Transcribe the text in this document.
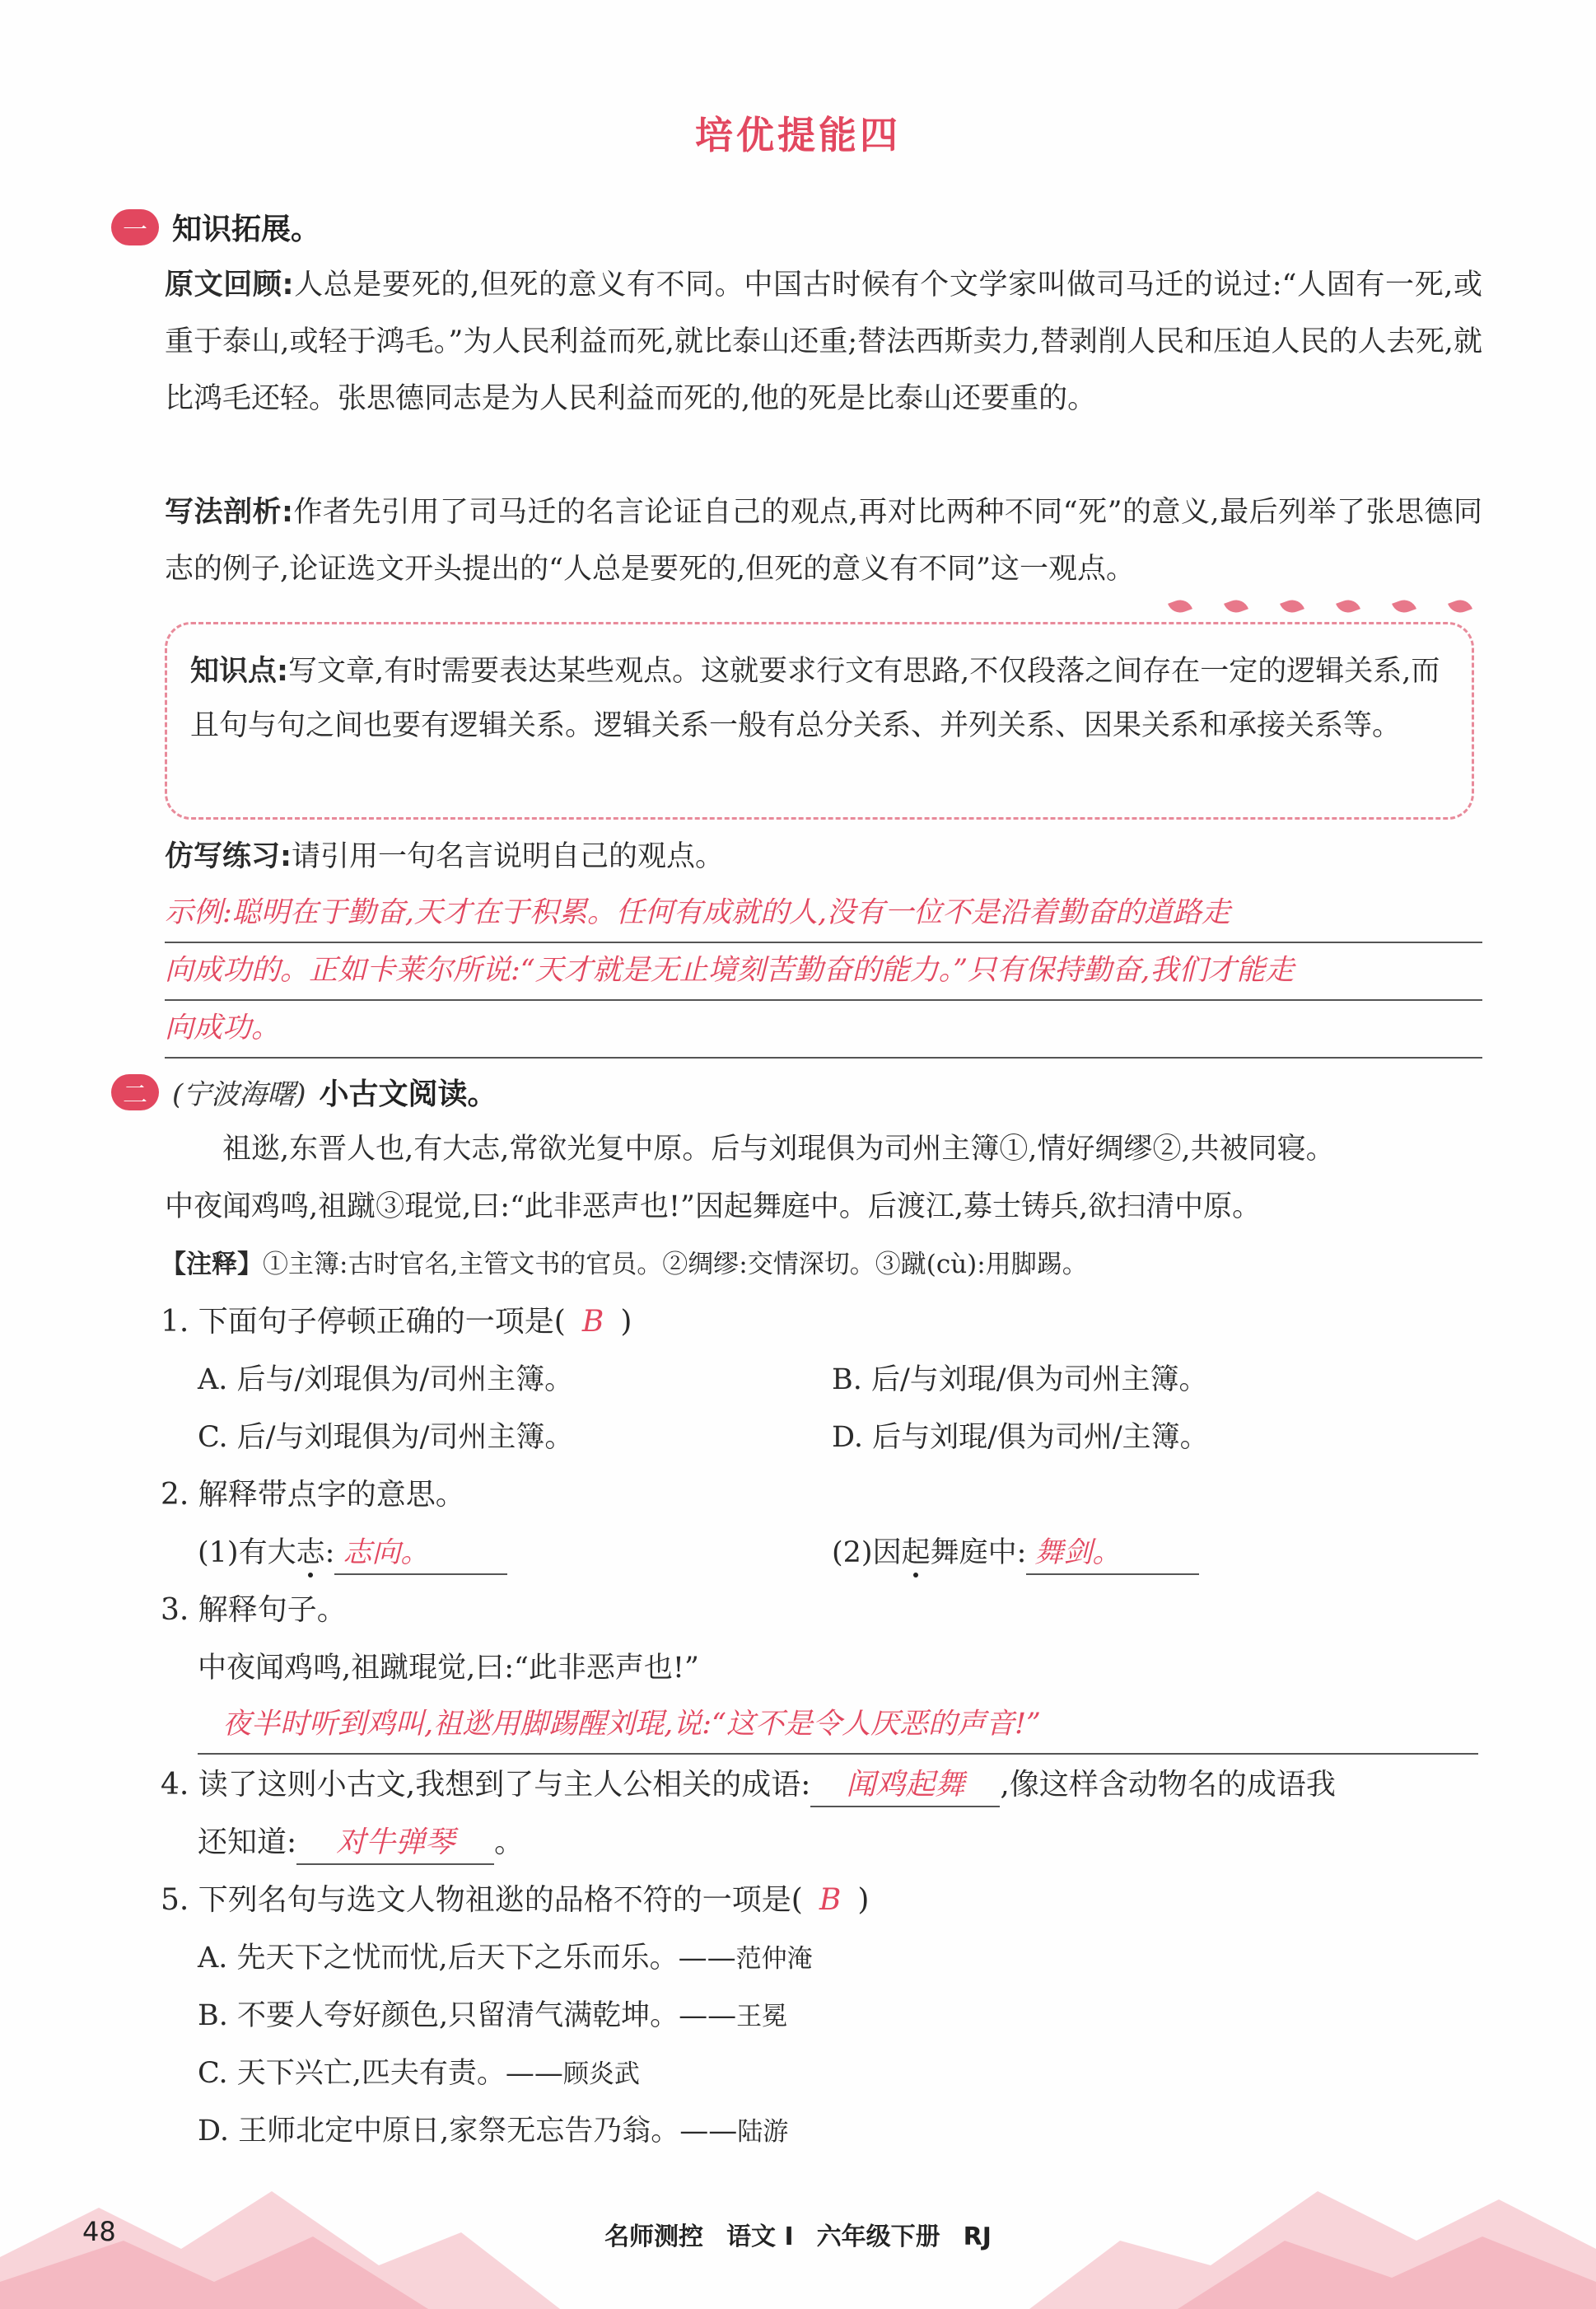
培优提能四
一 知识拓展。
原文回顾:人总是要死的,但死的意义有不同。中国古时候有个文学家叫做司马迁的说过:“人固有一死,或重于泰山,或轻于鸿毛。”为人民利益而死,就比泰山还重;替法西斯卖力,替剥削人民和压迫人民的人去死,就比鸿毛还轻。张思德同志是为人民利益而死的,他的死是比泰山还要重的。
写法剖析:作者先引用了司马迁的名言论证自己的观点,再对比两种不同“死”的意义,最后列举了张思德同志的例子,论证选文开头提出的“人总是要死的,但死的意义有不同”这一观点。
知识点:写文章,有时需要表达某些观点。这就要求行文有思路,不仅段落之间存在一定的逻辑关系,而且句与句之间也要有逻辑关系。逻辑关系一般有总分关系、并列关系、因果关系和承接关系等。
仿写练习:请引用一句名言说明自己的观点。
示例:聪明在于勤奋,天才在于积累。任何有成就的人,没有一位不是沿着勤奋的道路走
向成功的。正如卡莱尔所说:“天才就是无止境刻苦勤奋的能力。”只有保持勤奋,我们才能走
向成功。
二 (宁波海曙) 小古文阅读。
祖逖,东晋人也,有大志,常欲光复中原。后与刘琨俱为司州主簿①,情好绸缪②,共被同寝。
中夜闻鸡鸣,祖蹴③琨觉,曰:“此非恶声也!”因起舞庭中。后渡江,募士铸兵,欲扫清中原。
【注释】①主簿:古时官名,主管文书的官员。②绸缪:交情深切。③蹴(cù):用脚踢。
1. 下面句子停顿正确的一项是( B )
A. 后与/刘琨俱为/司州主簿。	B. 后/与刘琨/俱为司州主簿。
C. 后/与刘琨俱为/司州主簿。	D. 后与刘琨/俱为司州/主簿。
2. 解释带点字的意思。
(1)有大志: 志向。	(2)因起舞庭中: 舞剑。
3. 解释句子。
中夜闻鸡鸣,祖蹴琨觉,曰:“此非恶声也!”
夜半时听到鸡叫,祖逖用脚踢醒刘琨,说:“这不是令人厌恶的声音!”
4. 读了这则小古文,我想到了与主人公相关的成语: 闻鸡起舞 ,像这样含动物名的成语我
还知道: 对牛弹琴 。
5. 下列名句与选文人物祖逖的品格不符的一项是( B )
A. 先天下之忧而忧,后天下之乐而乐。——范仲淹
B. 不要人夸好颜色,只留清气满乾坤。——王冕
C. 天下兴亡,匹夫有责。——顾炎武
D. 王师北定中原日,家祭无忘告乃翁。——陆游
48	名师测控 语文 I 六年级下册 RJ
